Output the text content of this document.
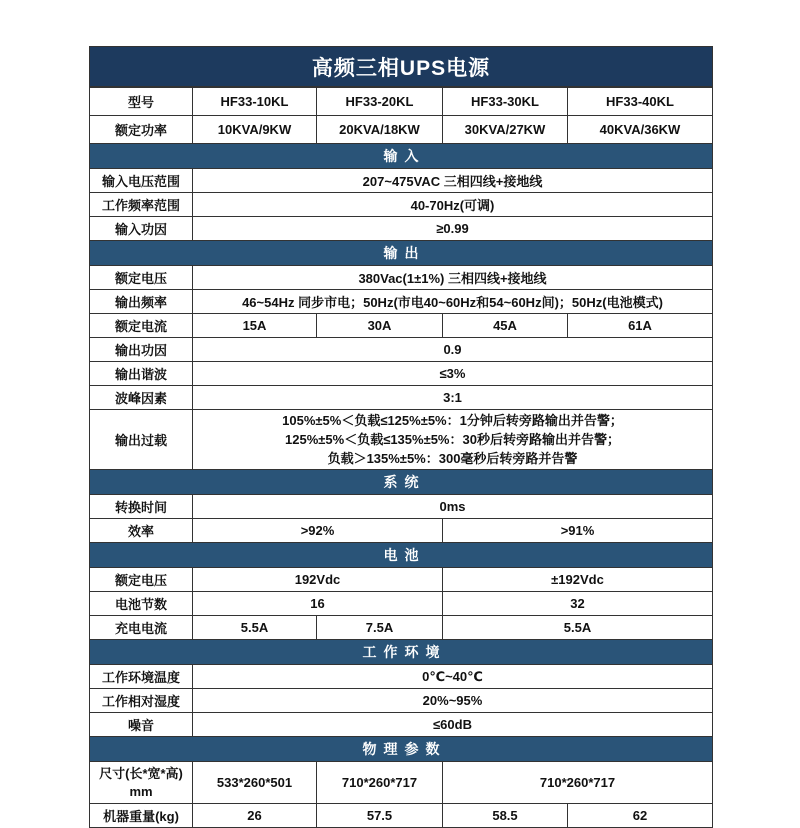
高频三相UPS电源				
型号	HF33-10KL	HF33-20KL	HF33-30KL	HF33-40KL
额定功率	10KVA/9KW	20KVA/18KW	30KVA/27KW	40KVA/36KW
输入				
输入电压范围	207~475VAC 三相四线+接地线			
工作频率范围	40-70Hz(可调)			
输入功因	≥0.99			
输出				
额定电压	380Vac(1±1%) 三相四线+接地线			
输出频率	46~54Hz 同步市电；50Hz(市电40~60Hz和54~60Hz间)；50Hz(电池模式)			
额定电流	15A	30A	45A	61A
输出功因	0.9			
输出谐波	≤3%			
波峰因素	3:1			
输出过载	105%±5%＜负载≤125%±5%：1分钟后转旁路输出并告警；
125%±5%＜负载≤135%±5%：30秒后转旁路输出并告警；
负载＞135%±5%：300毫秒后转旁路并告警			

系统				
转换时间	0ms			
效率	>92%		>91%	
电池				
额定电压	192Vdc		±192Vdc	
电池节数	16		32	
充电电流	5.5A	7.5A	5.5A	
工作环境				
工作环境温度	0℃~40℃			
工作相对湿度	20%~95%			
噪音	≤60dB			
物理参数				

尺寸(长*宽*高)
mm	533*260*501	710*260*717	710*260*717	
机器重量(kg)	26	57.5	58.5	62
